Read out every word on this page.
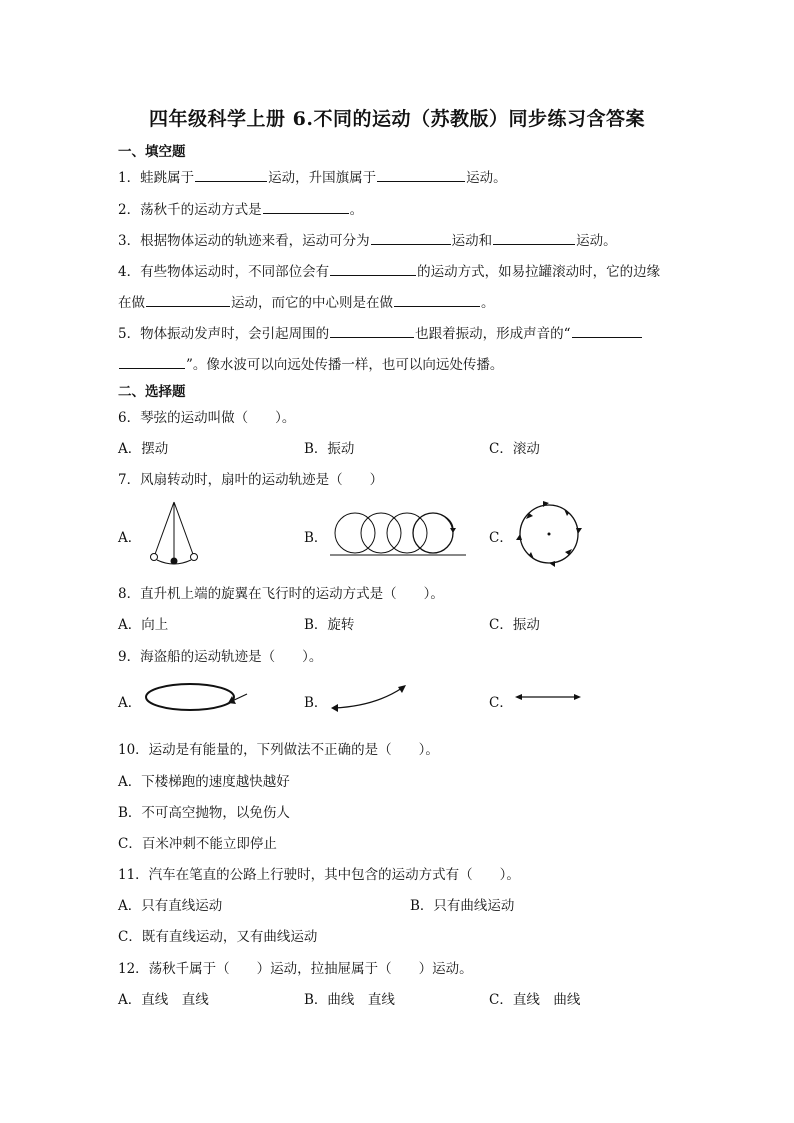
四年级科学上册 6.不同的运动（苏教版）同步练习含答案
一、填空题
1．蛙跳属于	运动，升国旗属于	运动。
2．荡秋千的运动方式是	。
3．根据物体运动的轨迹来看，运动可分为	运动和	运动。
4．有些物体运动时，不同部位会有	的运动方式，如易拉罐滚动时，它的边缘
在做	运动，而它的中心则是在做	。
5．物体振动发声时，会引起周围的	也跟着振动，形成声音的“
”。像水波可以向远处传播一样，也可以向远处传播。
二、选择题
6．琴弦的运动叫做（　　）。
A．摆动	B．振动	C．滚动
7．风扇转动时，扇叶的运动轨迹是（　　）
A．	B．	C．
8．直升机上端的旋翼在飞行时的运动方式是（　　）。
A．向上	B．旋转	C．振动
9．海盗船的运动轨迹是（　　）。
A．	B．	C．
10．运动是有能量的，下列做法不正确的是（　　）。
A．下楼梯跑的速度越快越好
B．不可高空抛物，以免伤人
C．百米冲刺不能立即停止
11．汽车在笔直的公路上行驶时，其中包含的运动方式有（　　）。
A．只有直线运动	B．只有曲线运动
C．既有直线运动，又有曲线运动
12．荡秋千属于（　　）运动，拉抽屉属于（　　）运动。
A．直线　直线	B．曲线　直线	C．直线　曲线
